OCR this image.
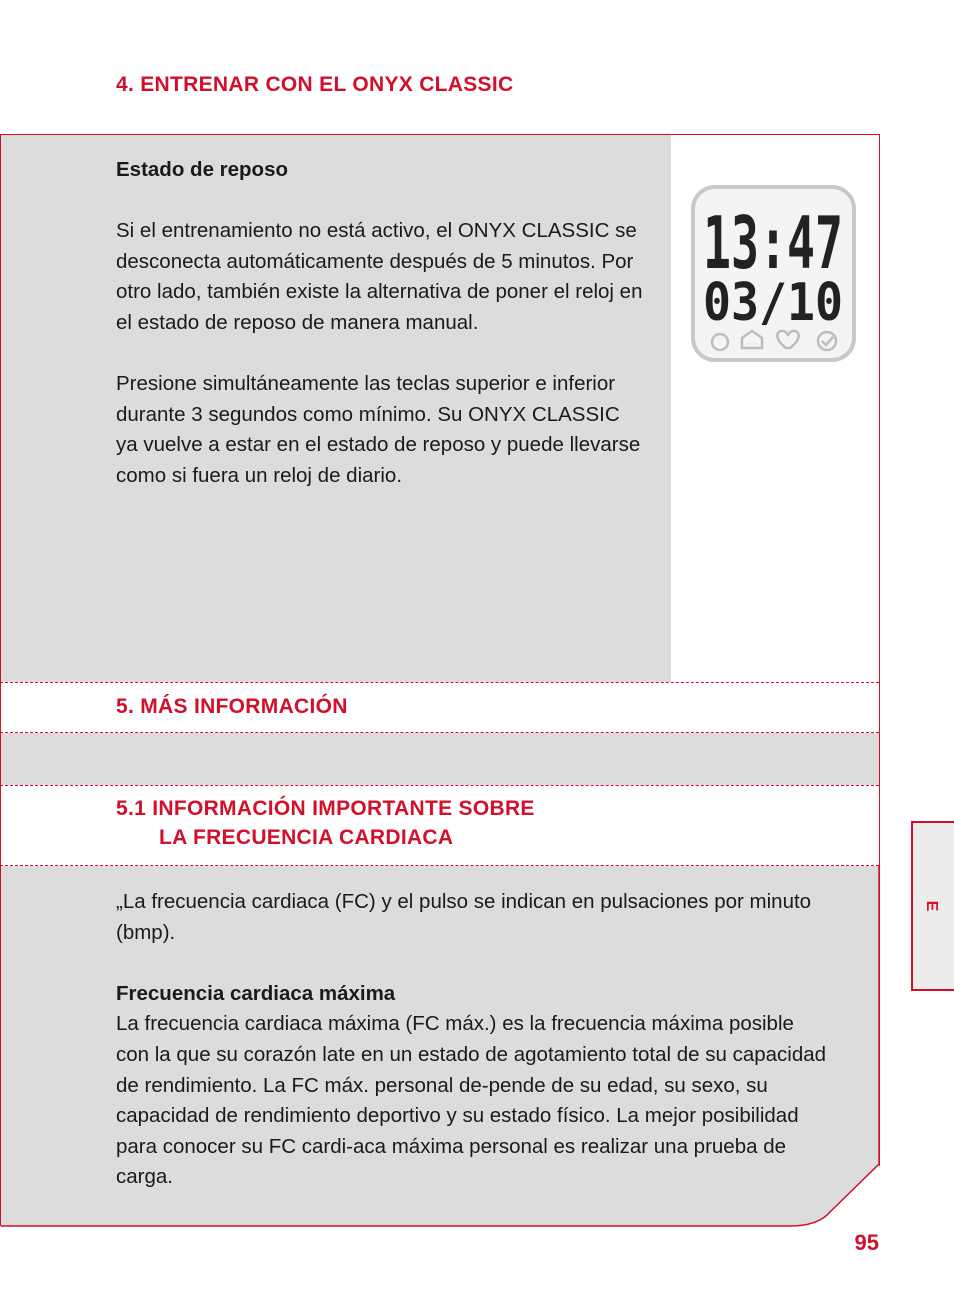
4. ENTRENAR CON EL ONYX CLASSIC

Estado de reposo

Si el entrenamiento no está activo, el ONYX CLASSIC se desconecta automáticamente después de 5 minutos. Por otro lado, también existe la alternativa de poner el reloj en el estado de reposo de manera manual.

Presione simultáneamente las teclas superior e inferior durante 3 segundos como mínimo. Su ONYX CLASSIC ya vuelve a estar en el estado de reposo y puede llevarse como si fuera un reloj de diario.

13:47
03/10
5. MÁS INFORMACIÓN
5.1 INFORMACIÓN IMPORTANTE SOBRE
LA FRECUENCIA CARDIACA

„La frecuencia cardiaca (FC) y el pulso se indican en pulsaciones por minuto (bmp).

Frecuencia cardiaca máxima

La frecuencia cardiaca máxima (FC máx.) es la frecuencia máxima posible con la que su corazón late en un estado de agotamiento total de su capacidad de rendimiento. La FC máx. personal de-pende de su edad, su sexo, su capacidad de rendimiento deportivo y su estado físico. La mejor posibilidad para conocer su FC cardi-aca máxima personal es realizar una prueba de carga.

E
95
